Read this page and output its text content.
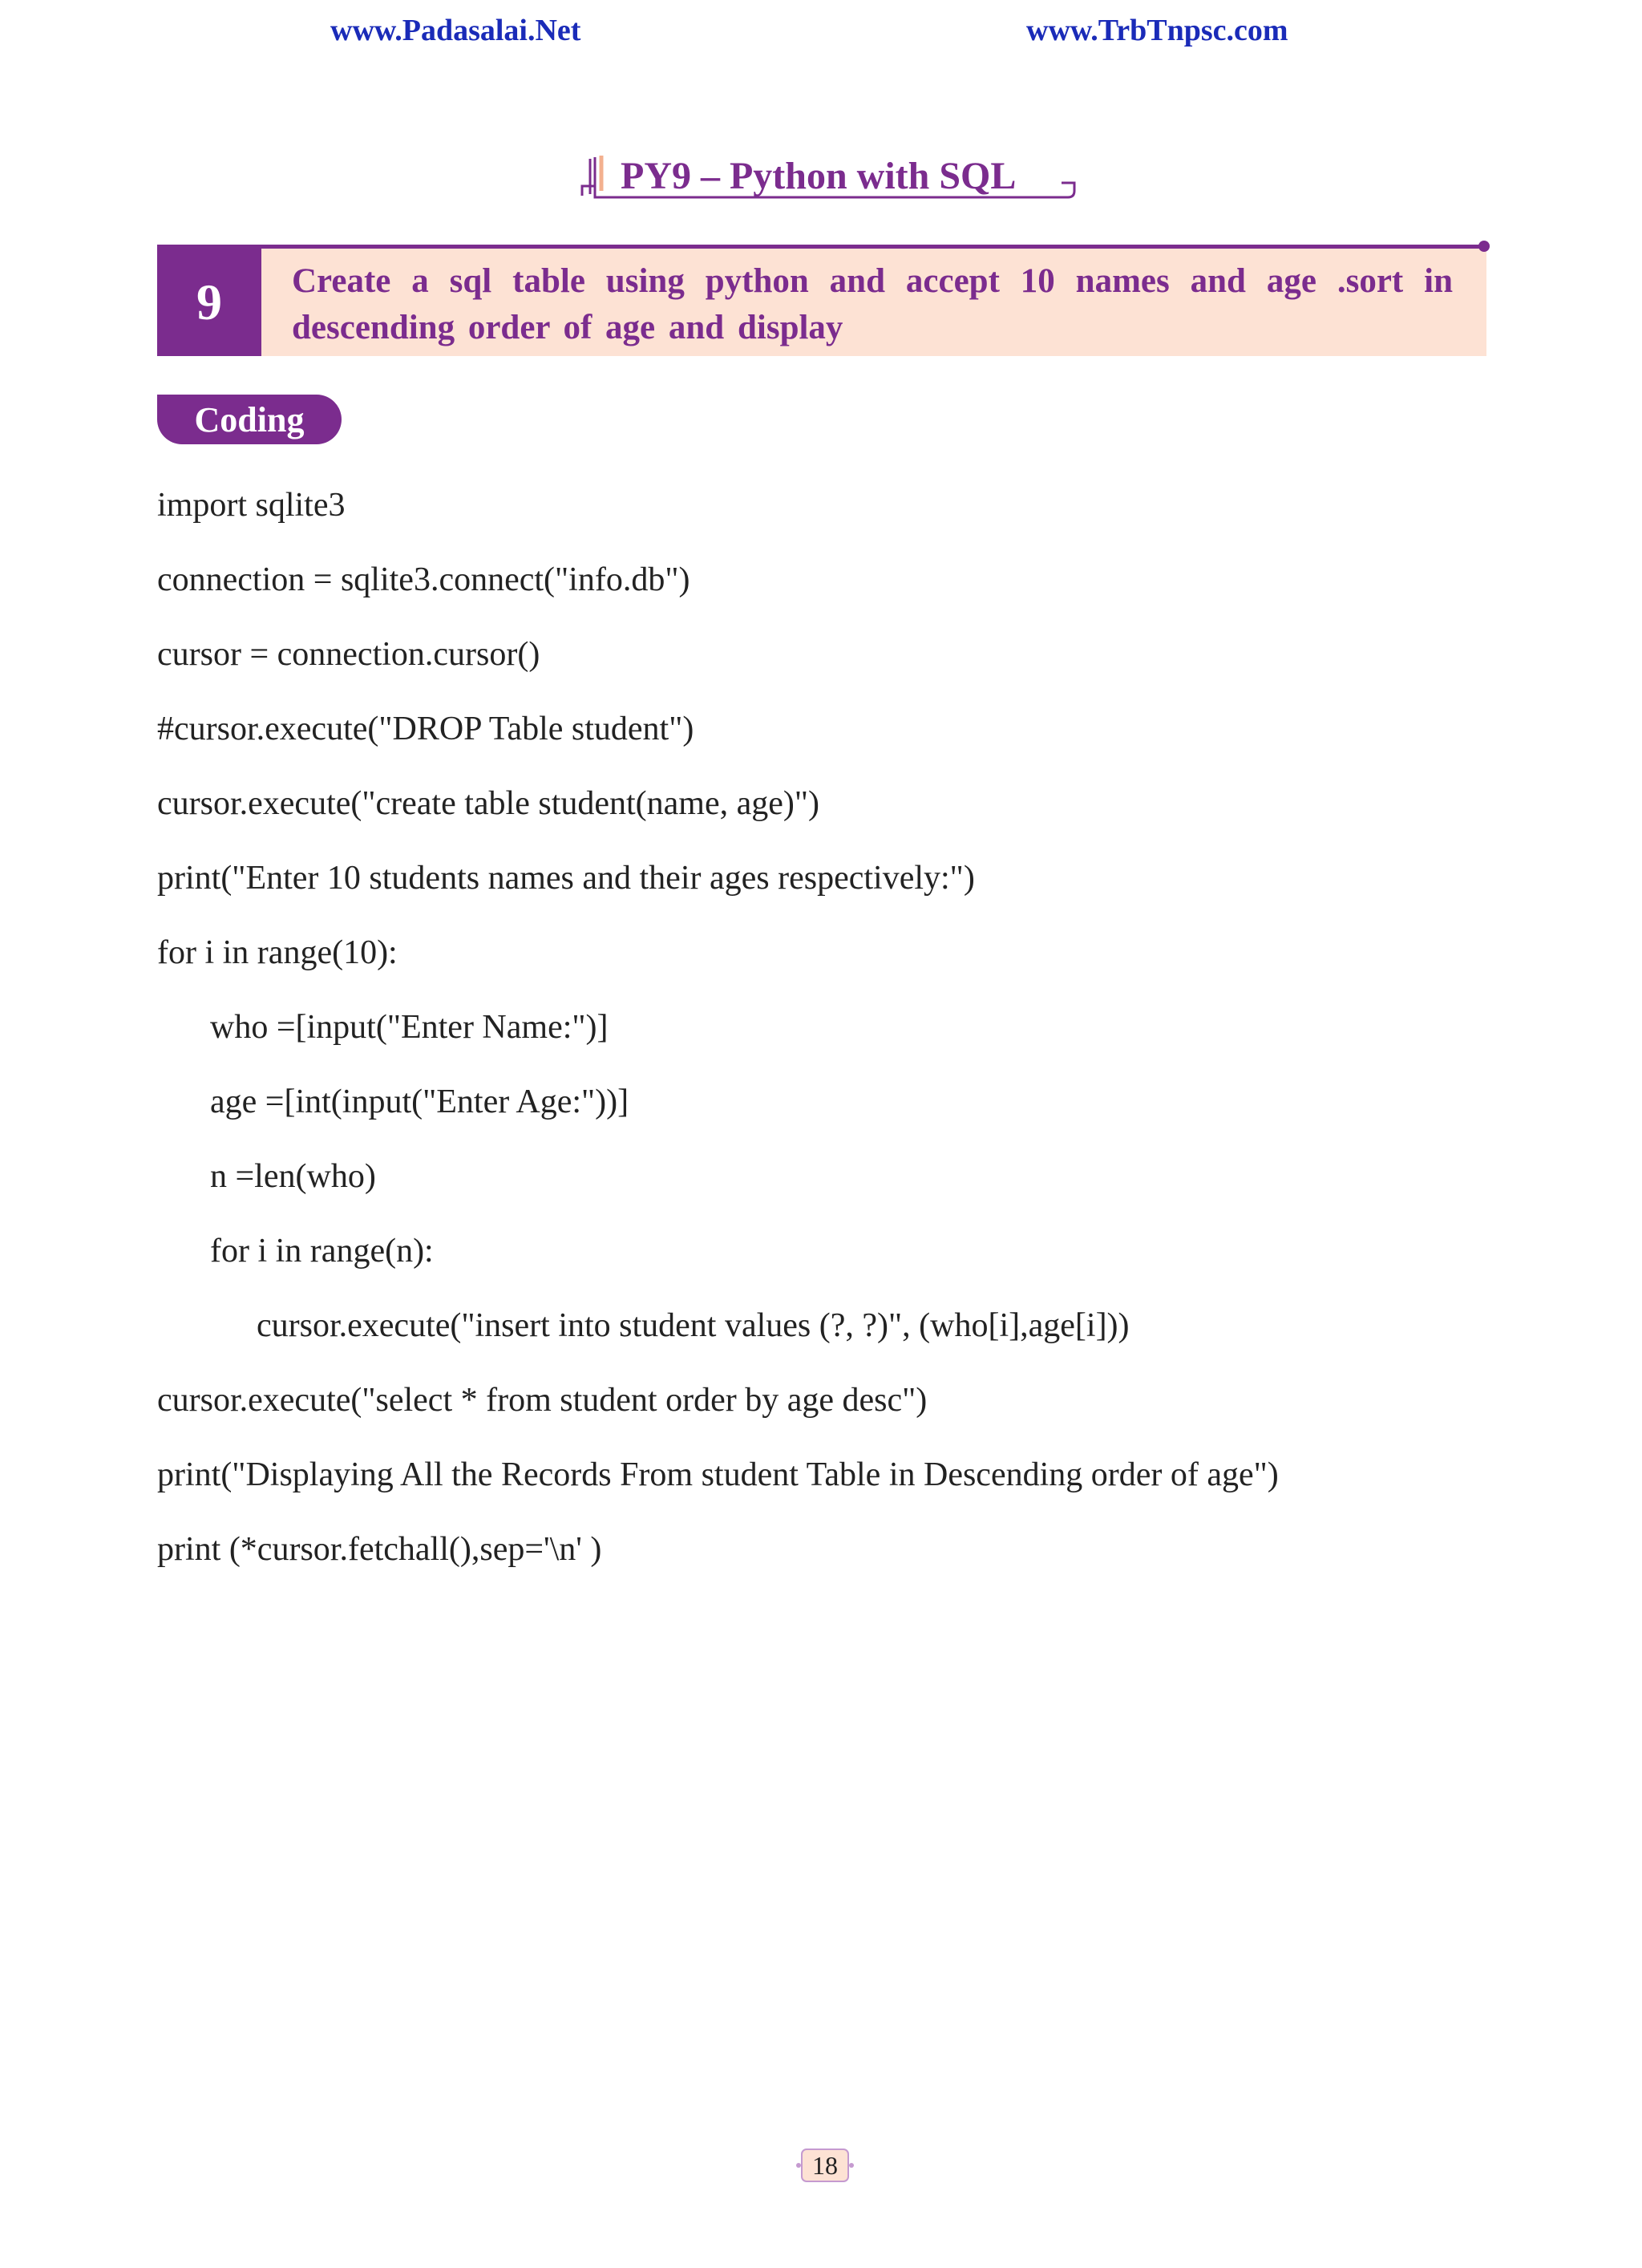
www.Padasalai.Net	www.TrbTnpsc.com
PY9 – Python with SQL
9	Create a sql table using python and accept 10 names and age .sort in descending order of age and display
Coding
import sqlite3
connection = sqlite3.connect("info.db")
cursor = connection.cursor()
#cursor.execute("DROP Table student")
cursor.execute("create table student(name, age)")
print("Enter 10 students names and their ages respectively:")
for i in range(10):
who =[input("Enter Name:")]
age =[int(input("Enter Age:"))]
n =len(who)
for i in range(n):
cursor.execute("insert into student values (?, ?)", (who[i],age[i]))
cursor.execute("select * from student order by age desc")
print("Displaying All the Records From student Table in Descending order of age")
print (*cursor.fetchall(),sep='\n' )
18
